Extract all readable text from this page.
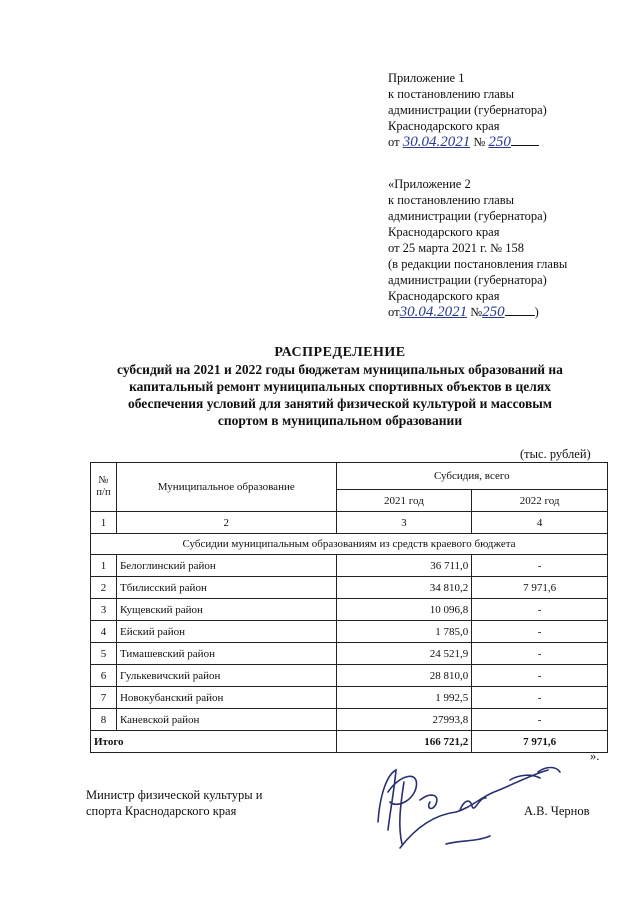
Приложение 1
к постановлению главы
администрации (губернатора)
Краснодарского края
от 30.04.2021 № 250
«Приложение 2
к постановлению главы
администрации (губернатора)
Краснодарского края
от 25 марта 2021 г. № 158
(в редакции постановления главы
администрации (губернатора)
Краснодарского края
от30.04.2021 №250 )
РАСПРЕДЕЛЕНИЕ
субсидий на 2021 и 2022 годы бюджетам муниципальных образований на
капитальный ремонт муниципальных спортивных объектов в целях
обеспечения условий для занятий физической культурой и массовым
спортом в муниципальном образовании
(тыс. рублей)
№ п/п	Муниципальное образование	Субсидия, всего	
		2021 год	2022 год
1	2	3	4
Субсидии муниципальным образованиям из средств краевого бюджета			
1	Белоглинский район	36 711,0	-
2	Тбилисский район	34 810,2	7 971,6
3	Кущевский район	10 096,8	-
4	Ейский район	1 785,0	-
5	Тимашевский район	24 521,9	-
6	Гулькевичский район	28 810,0	-
7	Новокубанский район	1 992,5	-
8	Каневской район	27993,8	-
Итого		166 721,2	7 971,6
».
Министр физической культуры и
спорта Краснодарского края	А.В. Чернов
